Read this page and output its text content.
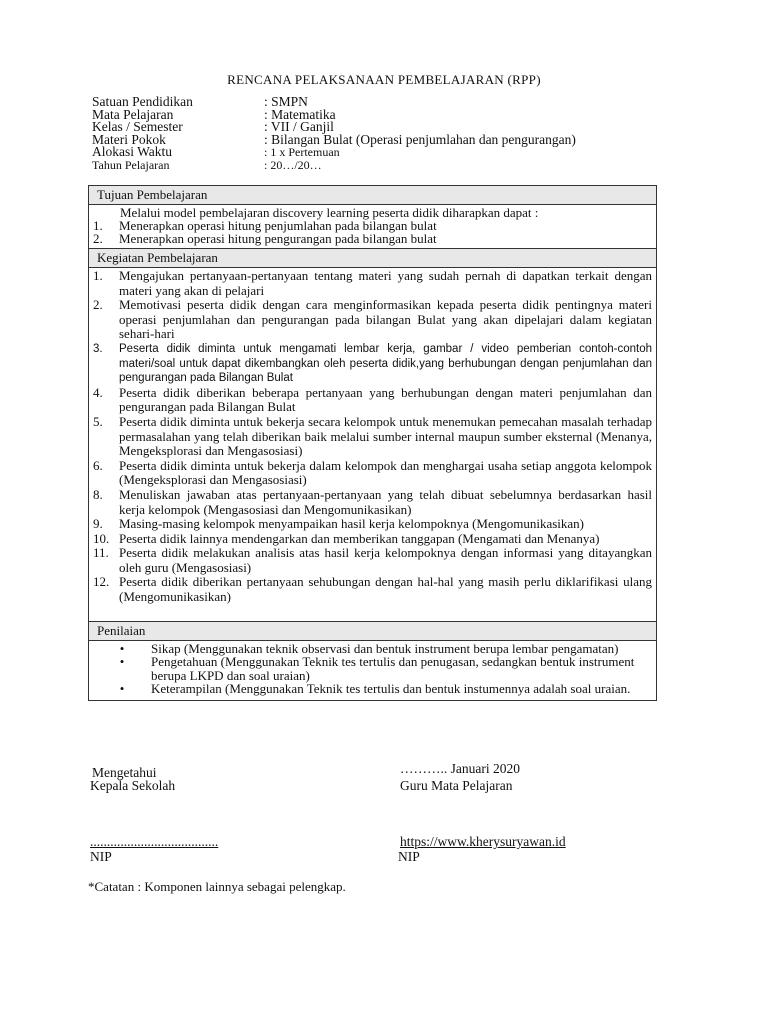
RENCANA PELAKSANAAN PEMBELAJARAN (RPP)
Satuan Pendidikan	: SMPN
Mata Pelajaran	: Matematika
Kelas / Semester	: VII / Ganjil
Materi Pokok	: Bilangan Bulat (Operasi penjumlahan dan pengurangan)
Alokasi Waktu	: 1 x Pertemuan
Tahun Pelajaran	: 20…/20…
Tujuan Pembelajaran

Melalui model pembelajaran discovery learning peserta didik diharapkan dapat :
1.	Menerapkan operasi hitung penjumlahan pada bilangan bulat
2.	Menerapkan operasi hitung pengurangan pada bilangan bulat

Kegiatan Pembelajaran

1.	Mengajukan pertanyaan-pertanyaan tentang materi yang sudah pernah di dapatkan terkait dengan materi yang akan di pelajari
2.	Memotivasi peserta didik dengan cara menginformasikan kepada peserta didik pentingnya materi operasi penjumlahan dan pengurangan pada bilangan Bulat yang akan dipelajari dalam kegiatan sehari-hari
3.	Peserta didik diminta untuk mengamati lembar kerja, gambar / video pemberian contoh-contoh materi/soal untuk dapat dikembangkan oleh peserta didik,yang berhubungan dengan penjumlahan dan pengurangan pada Bilangan Bulat
4.	Peserta didik diberikan beberapa pertanyaan yang berhubungan dengan materi penjumlahan dan pengurangan pada Bilangan Bulat
5.	Peserta didik diminta untuk bekerja secara kelompok untuk menemukan pemecahan masalah terhadap permasalahan yang telah diberikan baik melalui sumber internal maupun sumber eksternal (Menanya, Mengeksplorasi dan Mengasosiasi)
6.	Peserta didik diminta untuk bekerja dalam kelompok dan menghargai usaha setiap anggota kelompok (Mengeksplorasi dan Mengasosiasi)
8.	Menuliskan jawaban atas pertanyaan-pertanyaan yang telah dibuat sebelumnya berdasarkan hasil kerja kelompok (Mengasosiasi dan Mengomunikasikan)
9.	Masing-masing kelompok menyampaikan hasil kerja kelompoknya (Mengomunikasikan)
10. Peserta didik lainnya mendengarkan dan memberikan tanggapan (Mengamati dan Menanya)
11. Peserta didik melakukan analisis atas hasil kerja kelompoknya dengan informasi yang ditayangkan oleh guru (Mengasosiasi)
12. Peserta didik diberikan pertanyaan sehubungan dengan hal-hal yang masih perlu diklarifikasi ulang (Mengomunikasikan)

Penilaian

•	Sikap (Menggunakan teknik observasi dan bentuk instrument berupa lembar pengamatan)
•	Pengetahuan (Menggunakan Teknik tes tertulis dan penugasan, sedangkan bentuk instrument berupa LKPD dan soal uraian)
•	Keterampilan (Menggunakan Teknik tes tertulis dan bentuk instumennya adalah soal uraian.
Mengetahui
Kepala Sekolah
……….. Januari 2020
Guru Mata Pelajaran
......................................
NIP
https://www.kherysuryawan.id
NIP
*Catatan : Komponen lainnya sebagai pelengkap.
